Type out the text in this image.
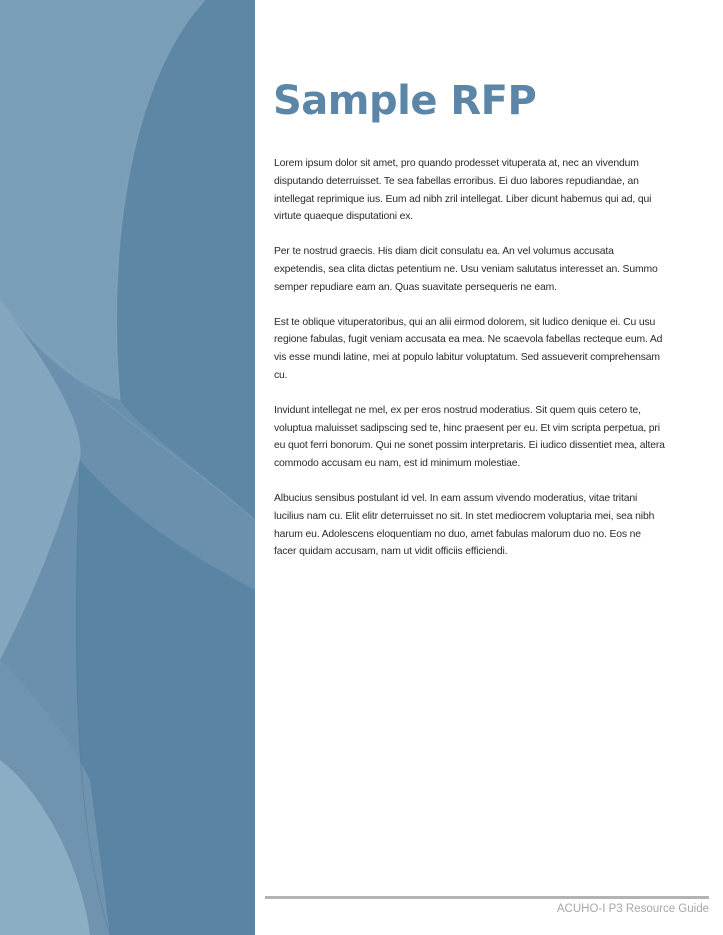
Sample RFP

Lorem ipsum dolor sit amet, pro quando prodesset vituperata at, nec an vivendum disputando deterruisset. Te sea fabellas erroribus. Ei duo labores repudiandae, an intellegat reprimique ius. Eum ad nibh zril intellegat. Liber dicunt habemus qui ad, qui virtute quaeque disputationi ex.

Per te nostrud graecis. His diam dicit consulatu ea. An vel volumus accusata expetendis, sea clita dictas petentium ne. Usu veniam salutatus interesset an. Summo semper repudiare eam an. Quas suavitate persequeris ne eam.

Est te oblique vituperatoribus, qui an alii eirmod dolorem, sit ludico denique ei. Cu usu regione fabulas, fugit veniam accusata ea mea. Ne scaevola fabellas recteque eum. Ad vis esse mundi latine, mei at populo labitur voluptatum. Sed assueverit comprehensam cu.

Invidunt intellegat ne mel, ex per eros nostrud moderatius. Sit quem quis cetero te, voluptua maluisset sadipscing sed te, hinc praesent per eu. Et vim scripta perpetua, pri eu quot ferri bonorum. Qui ne sonet possim interpretaris. Ei iudico dissentiet mea, altera commodo accusam eu nam, est id minimum molestiae.

Albucius sensibus postulant id vel. In eam assum vivendo moderatius, vitae tritani lucilius nam cu. Elit elitr deterruisset no sit. In stet mediocrem voluptaria mei, sea nibh harum eu. Adolescens eloquentiam no duo, amet fabulas malorum duo no. Eos ne facer quidam accusam, nam ut vidit officiis efficiendi.

ACUHO-I P3 Resource Guide
